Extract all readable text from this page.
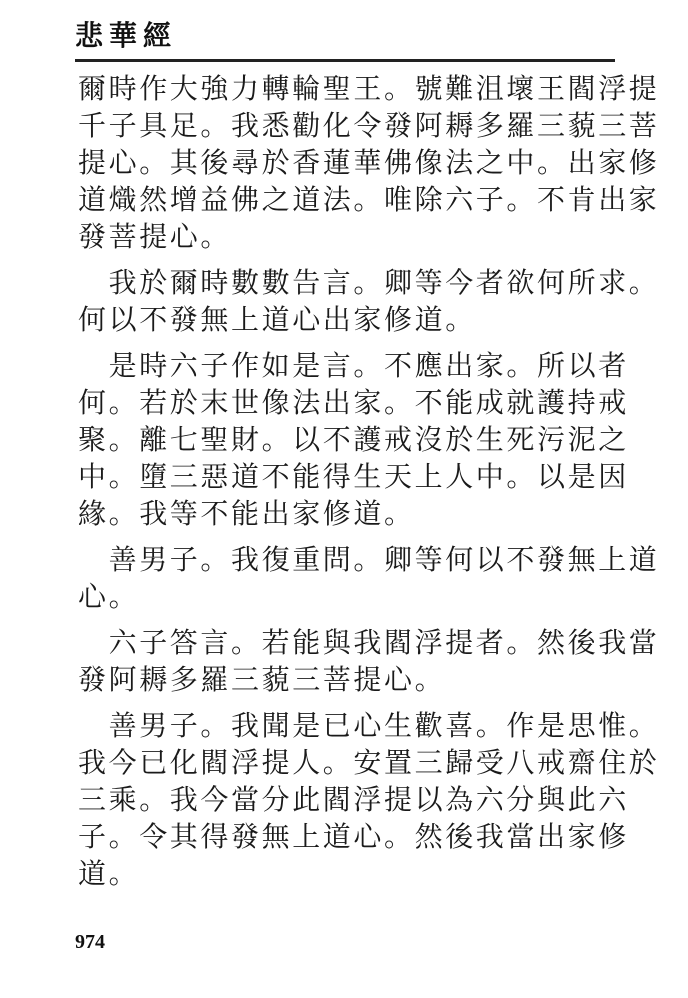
悲華經

爾時作大強力轉輪聖王。號難沮壞王閻浮提
千子具足。我悉勸化令發阿耨多羅三藐三菩
提心。其後尋於香蓮華佛像法之中。出家修
道熾然增益佛之道法。唯除六子。不肯出家
發菩提心。

　我於爾時數數告言。卿等今者欲何所求。
何以不發無上道心出家修道。

　是時六子作如是言。不應出家。所以者
何。若於末世像法出家。不能成就護持戒
聚。離七聖財。以不護戒沒於生死污泥之
中。墮三惡道不能得生天上人中。以是因
緣。我等不能出家修道。

　善男子。我復重問。卿等何以不發無上道
心。

　六子答言。若能與我閻浮提者。然後我當
發阿耨多羅三藐三菩提心。

　善男子。我聞是已心生歡喜。作是思惟。
我今已化閻浮提人。安置三歸受八戒齋住於
三乘。我今當分此閻浮提以為六分與此六
子。令其得發無上道心。然後我當出家修
道。

974
